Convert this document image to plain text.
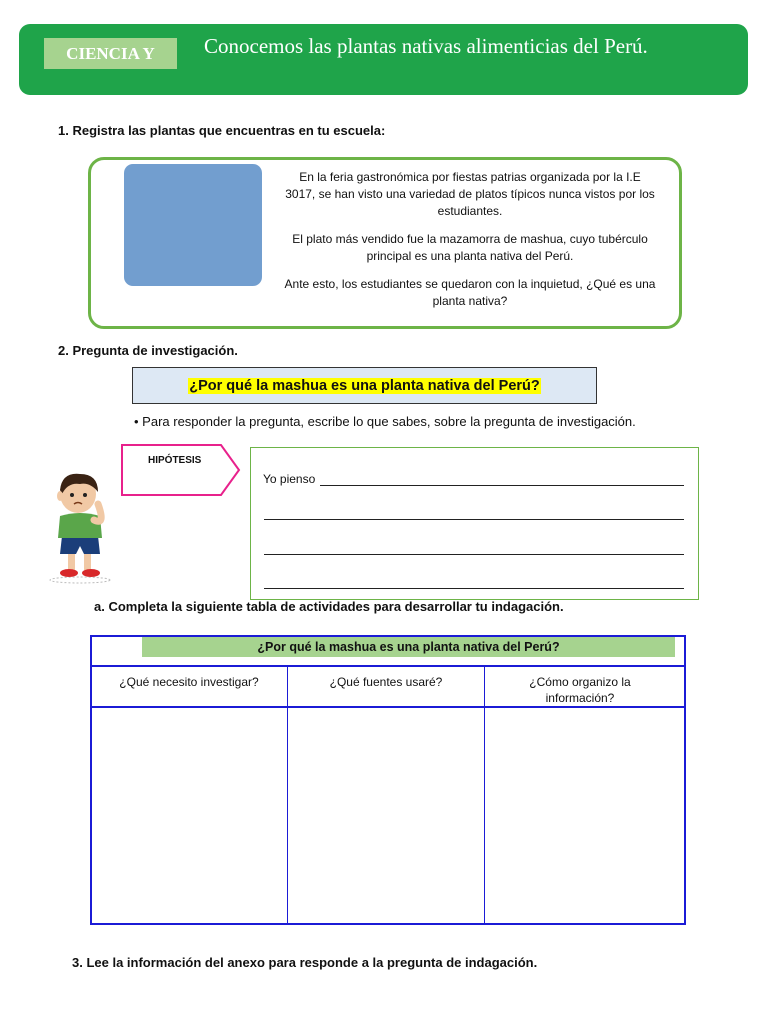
CIENCIA Y	Conocemos las plantas nativas alimenticias del Perú.
1. Registra las plantas que encuentras en tu escuela:
En la feria gastronómica por fiestas patrias organizada por la I.E 3017, se han visto una variedad de platos típicos nunca vistos por los estudiantes.
El plato más vendido fue la mazamorra de mashua, cuyo tubérculo principal es una planta nativa del Perú.
Ante esto, los estudiantes se quedaron con la inquietud, ¿Qué es una planta nativa?
2. Pregunta de investigación.
¿Por qué la mashua es una planta nativa del Perú?
• Para responder la pregunta, escribe lo que sabes, sobre la pregunta de investigación.
HIPÓTESIS
Yo pienso
a. Completa la siguiente tabla de actividades para desarrollar tu indagación.
¿Por qué la mashua es una planta nativa del Perú?
¿Qué necesito investigar?	¿Qué fuentes usaré?	¿Cómo organizo la información?
3. Lee la información del anexo para responde a la pregunta de indagación.
